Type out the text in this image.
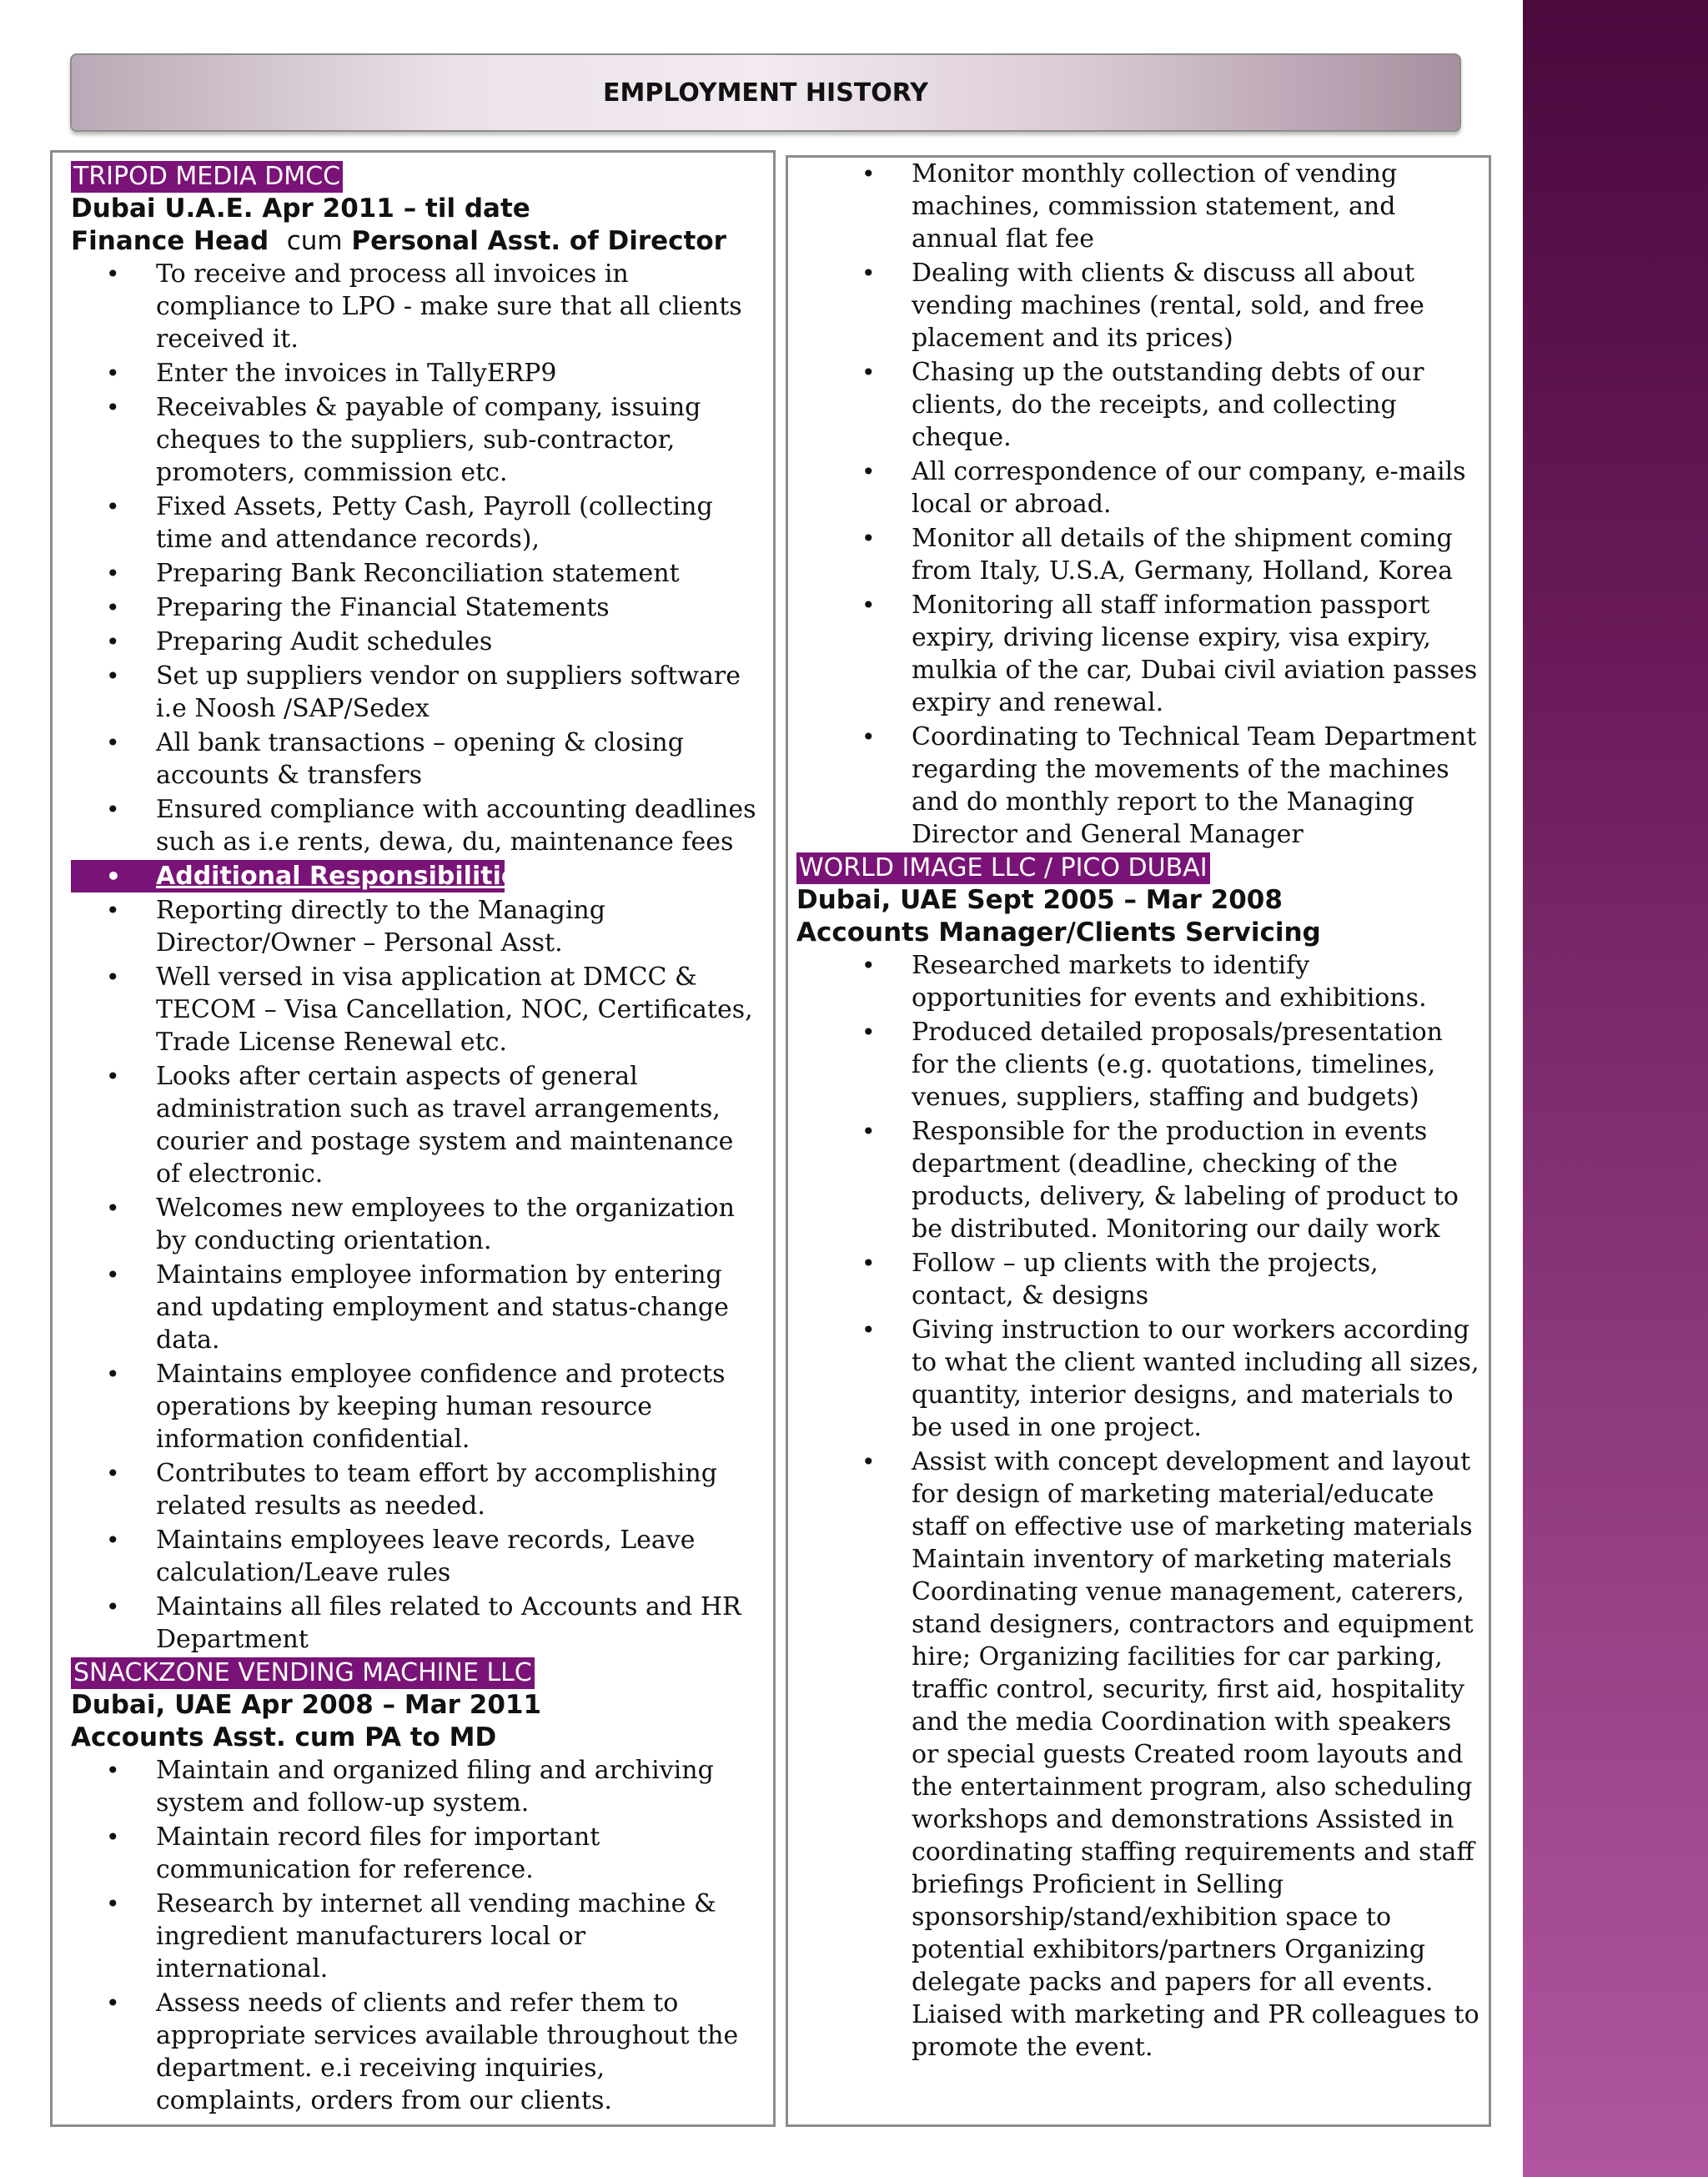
EMPLOYMENT HISTORY
TRIPOD MEDIA DMCC
Dubai U.A.E. Apr 2011 – til date
Finance Head cum Personal Asst. of Director
• To receive and process all invoices in compliance to LPO - make sure that all clients received it.
• Enter the invoices in TallyERP9
• Receivables & payable of company, issuing cheques to the suppliers, sub-contractor, promoters, commission etc.
• Fixed Assets, Petty Cash, Payroll (collecting time and attendance records),
• Preparing Bank Reconciliation statement
• Preparing the Financial Statements
• Preparing Audit schedules
• Set up suppliers vendor on suppliers software i.e Noosh /SAP/Sedex
• All bank transactions – opening & closing accounts & transfers
• Ensured compliance with accounting deadlines such as i.e rents, dewa, du, maintenance fees
• Additional Responsibilities:
• Reporting directly to the Managing Director/Owner – Personal Asst.
• Well versed in visa application at DMCC & TECOM – Visa Cancellation, NOC, Certificates, Trade License Renewal etc.
• Looks after certain aspects of general administration such as travel arrangements, courier and postage system and maintenance of electronic.
• Welcomes new employees to the organization by conducting orientation.
• Maintains employee information by entering and updating employment and status-change data.
• Maintains employee confidence and protects operations by keeping human resource information confidential.
• Contributes to team effort by accomplishing related results as needed.
• Maintains employees leave records, Leave calculation/Leave rules
• Maintains all files related to Accounts and HR Department
SNACKZONE VENDING MACHINE LLC
Dubai, UAE Apr 2008 – Mar 2011
Accounts Asst. cum PA to MD
• Maintain and organized filing and archiving system and follow-up system.
• Maintain record files for important communication for reference.
• Research by internet all vending machine & ingredient manufacturers local or international.
• Assess needs of clients and refer them to appropriate services available throughout the department. e.i receiving inquiries, complaints, orders from our clients.
• Monitor monthly collection of vending machines, commission statement, and annual flat fee
• Dealing with clients & discuss all about vending machines (rental, sold, and free placement and its prices)
• Chasing up the outstanding debts of our clients, do the receipts, and collecting cheque.
• All correspondence of our company, e-mails local or abroad.
• Monitor all details of the shipment coming from Italy, U.S.A, Germany, Holland, Korea
• Monitoring all staff information passport expiry, driving license expiry, visa expiry, mulkia of the car, Dubai civil aviation passes expiry and renewal.
• Coordinating to Technical Team Department regarding the movements of the machines and do monthly report to the Managing Director and General Manager
WORLD IMAGE LLC / PICO DUBAI
Dubai, UAE Sept 2005 – Mar 2008
Accounts Manager/Clients Servicing
• Researched markets to identify opportunities for events and exhibitions.
• Produced detailed proposals/presentation for the clients (e.g. quotations, timelines, venues, suppliers, staffing and budgets)
• Responsible for the production in events department (deadline, checking of the products, delivery, & labeling of product to be distributed. Monitoring our daily work
• Follow – up clients with the projects, contact, & designs
• Giving instruction to our workers according to what the client wanted including all sizes, quantity, interior designs, and materials to be used in one project.
• Assist with concept development and layout for design of marketing material/educate staff on effective use of marketing materials Maintain inventory of marketing materials Coordinating venue management, caterers, stand designers, contractors and equipment hire; Organizing facilities for car parking, traffic control, security, first aid, hospitality and the media Coordination with speakers or special guests Created room layouts and the entertainment program, also scheduling workshops and demonstrations Assisted in coordinating staffing requirements and staff briefings Proficient in Selling sponsorship/stand/exhibition space to potential exhibitors/partners Organizing delegate packs and papers for all events. Liaised with marketing and PR colleagues to promote the event.
